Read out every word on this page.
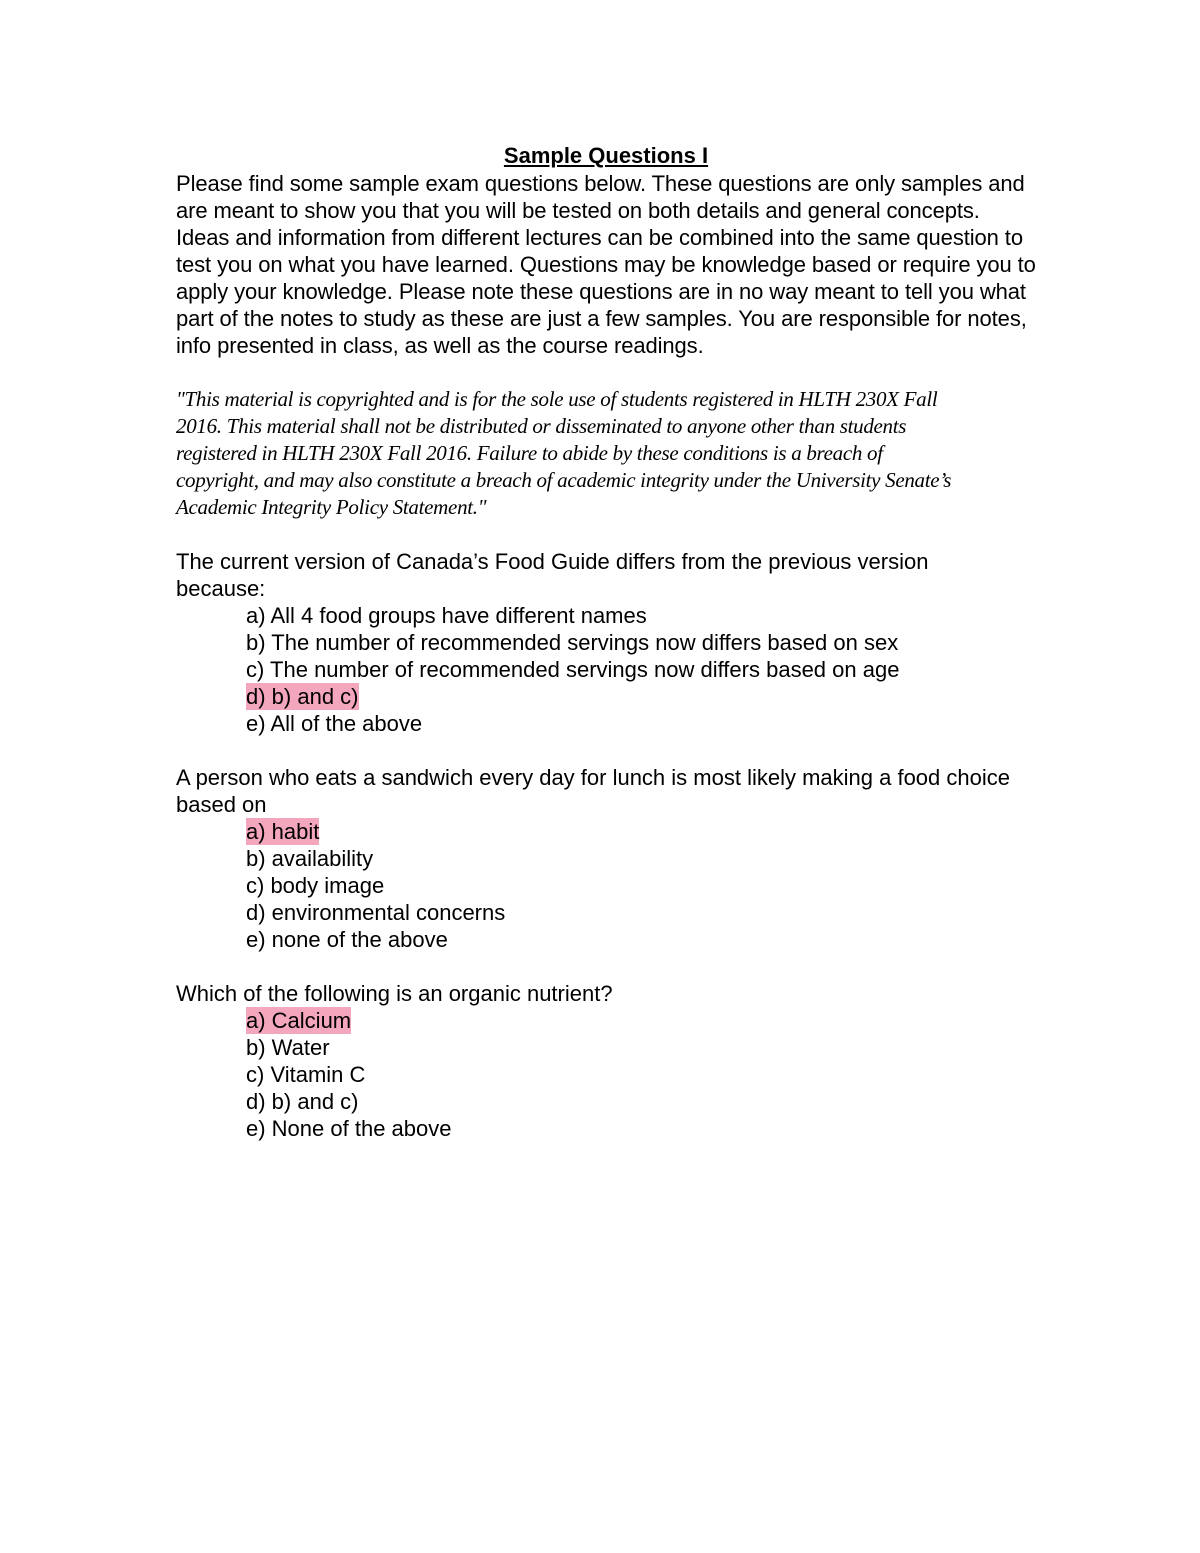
Sample Questions I

Please find some sample exam questions below. These questions are only samples and are meant to show you that you will be tested on both details and general concepts. Ideas and information from different lectures can be combined into the same question to test you on what you have learned. Questions may be knowledge based or require you to apply your knowledge. Please note these questions are in no way meant to tell you what part of the notes to study as these are just a few samples. You are responsible for notes, info presented in class, as well as the course readings.

"This material is copyrighted and is for the sole use of students registered in HLTH 230X Fall 2016. This material shall not be distributed or disseminated to anyone other than students registered in HLTH 230X Fall 2016. Failure to abide by these conditions is a breach of copyright, and may also constitute a breach of academic integrity under the University Senate’s Academic Integrity Policy Statement."

The current version of Canada’s Food Guide differs from the previous version because:

a) All 4 food groups have different names
b) The number of recommended servings now differs based on sex
c) The number of recommended servings now differs based on age
d) b) and c)
e) All of the above

A person who eats a sandwich every day for lunch is most likely making a food choice based on

a) habit
b) availability
c) body image
d) environmental concerns
e) none of the above

Which of the following is an organic nutrient?

a) Calcium
b) Water
c) Vitamin C
d) b) and c)
e) None of the above
